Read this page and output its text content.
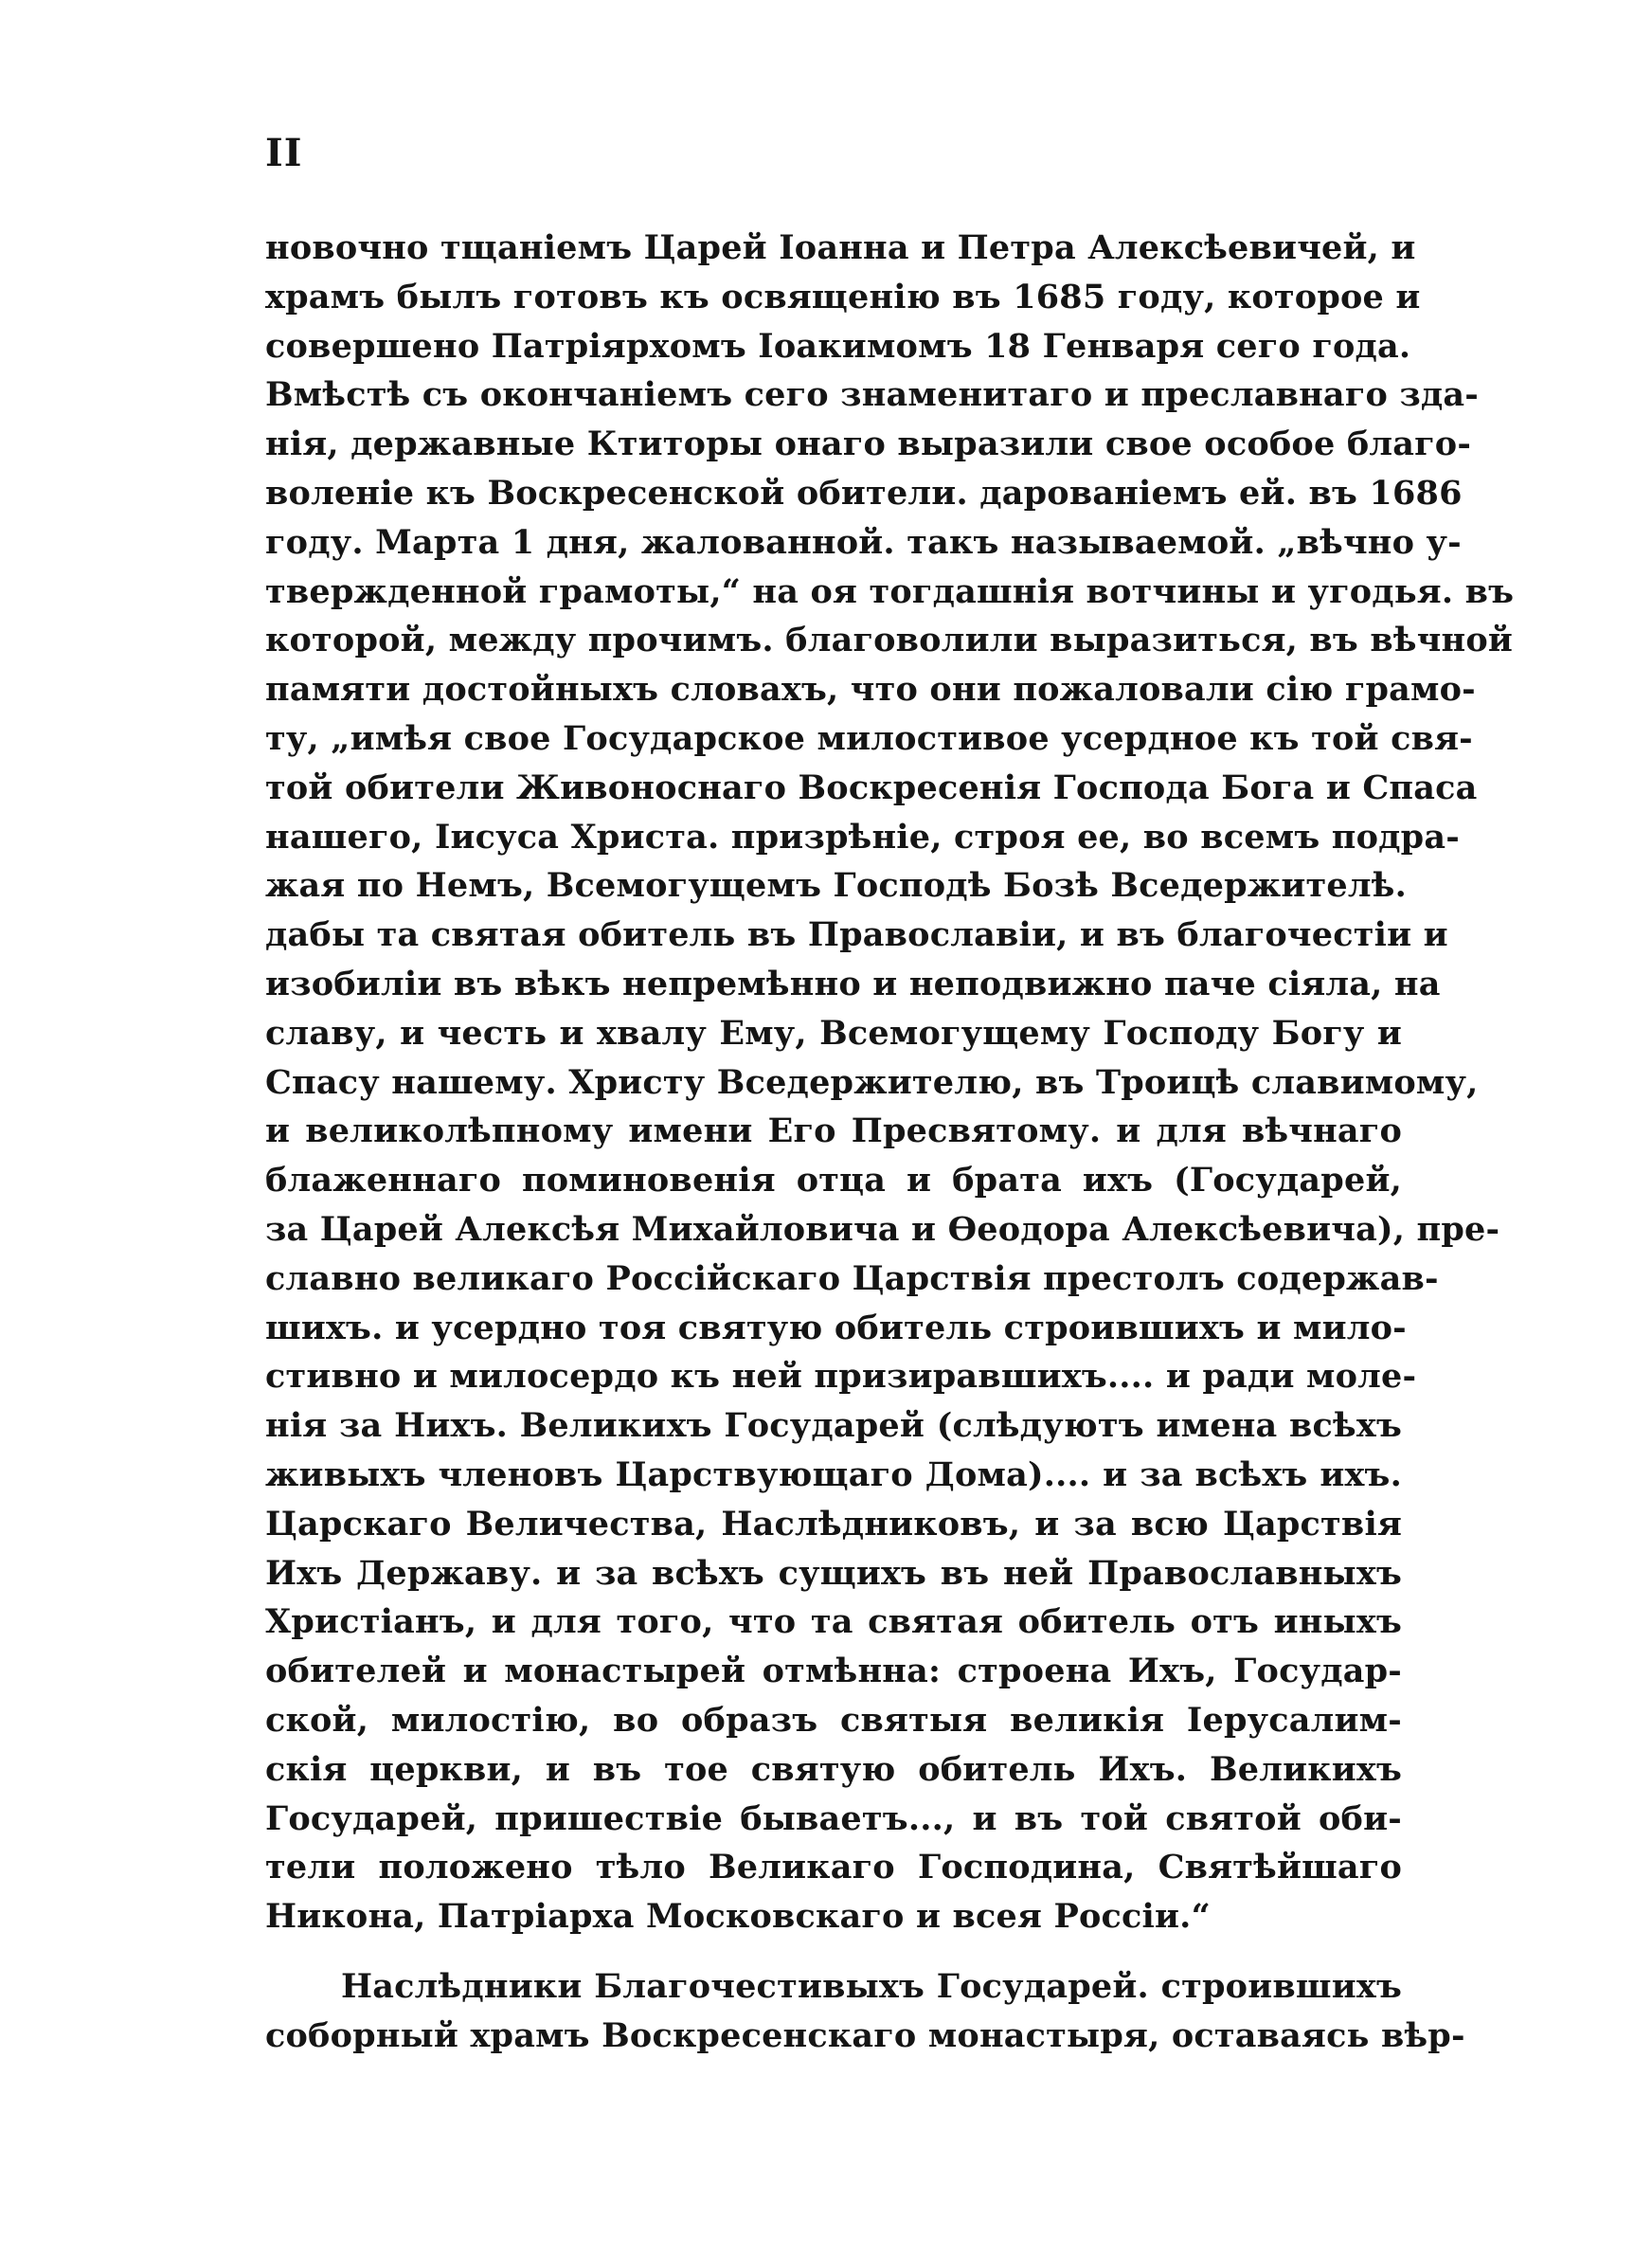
II
новочно тщаніемъ Царей Іоанна и Петра Алексѣевичей, и
храмъ былъ готовъ къ освященію въ 1685 году, которое и
совершено Патріярхомъ Іоакимомъ 18 Генваря сего года.
Вмѣстѣ съ окончаніемъ сего знаменитаго и преславнаго зда-
нія, державные Ктиторы онаго выразили свое особое благо-
воленіе къ Воскресенской обители. дарованіемъ ей. въ 1686
году. Марта 1 дня, жалованной. такъ называемой. „вѣчно у-
твержденной грамоты,“ на оя тогдашнія вотчины и угодья. въ
которой, между прочимъ. благоволили выразиться, въ вѣчной
памяти достойныхъ словахъ, что они пожаловали сію грамо-
ту, „имѣя свое Государское милостивое усердное къ той свя-
той обители Живоноснаго Воскресенія Господа Бога и Спаса
нашего, Іисуса Христа. призрѣніе, строя ее, во всемъ подра-
жая по Немъ, Всемогущемъ Господѣ Бозѣ Вседержителѣ.
дабы та святая обитель въ Православіи, и въ благочестіи и
изобиліи въ вѣкъ непремѣнно и неподвижно паче сіяла, на
славу, и честь и хвалу Ему, Всемогущему Господу Богу и
Спасу нашему. Христу Вседержителю, въ Троицѣ славимому,
и великолѣпному имени Его Пресвятому. и для вѣчнаго
блаженнаго поминовенія отца и брата ихъ (Государей,
за Царей Алексѣя Михайловича и Ѳеодора Алексѣевича), пре-
славно великаго Россійскаго Царствія престолъ содержав-
шихъ. и усердно тоя святую обитель строившихъ и мило-
стивно и милосердо къ ней призиравшихъ.... и ради моле-
нія за Нихъ. Великихъ Государей (слѣдуютъ имена всѣхъ
живыхъ членовъ Царствующаго Дома).... и за всѣхъ ихъ.
Царскаго Величества, Наслѣдниковъ, и за всю Царствія
Ихъ Державу. и за всѣхъ сущихъ въ ней Православныхъ
Христіанъ, и для того, что та святая обитель отъ иныхъ
обителей и монастырей отмѣнна: строена Ихъ, Государ-
ской, милостію, во образъ святыя великія Іерусалим-
скія церкви, и въ тое святую обитель Ихъ. Великихъ
Государей, пришествіе бываетъ..., и въ той святой оби-
тели положено тѣло Великаго Господина, Святѣйшаго
Никона, Патріарха Московскаго и всея Россіи.“
Наслѣдники Благочестивыхъ Государей. строившихъ
соборный храмъ Воскресенскаго монастыря, оставаясь вѣр-
